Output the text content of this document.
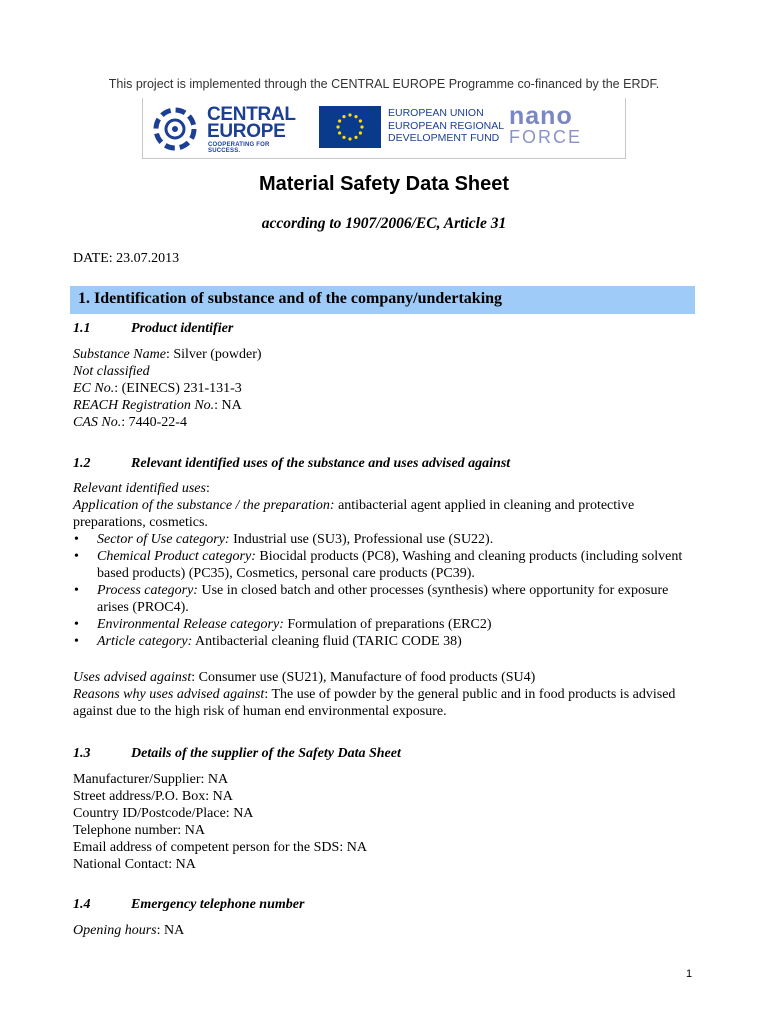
This project is implemented through the CENTRAL EUROPE Programme co-financed by the ERDF.
CENTRAL
EUROPE
COOPERATING FOR SUCCESS.
EUROPEAN UNION
EUROPEAN REGIONAL
DEVELOPMENT FUND
nano
FORCE
Material Safety Data Sheet
according to 1907/2006/EC, Article 31
DATE: 23.07.2013
1. Identification of substance and of the company/undertaking
1.1	Product identifier
Substance Name: Silver (powder)
Not classified
EC No.: (EINECS) 231-131-3
REACH Registration No.: NA
CAS No.: 7440-22-4
1.2	Relevant identified uses of the substance and uses advised against
Relevant identified uses:
Application of the substance / the preparation: antibacterial agent applied in cleaning and protective preparations, cosmetics.
• Sector of Use category: Industrial use (SU3), Professional use (SU22).
• Chemical Product category: Biocidal products (PC8), Washing and cleaning products (including solvent based products) (PC35), Cosmetics, personal care products (PC39).
• Process category: Use in closed batch and other processes (synthesis) where opportunity for exposure arises (PROC4).
• Environmental Release category: Formulation of preparations (ERC2)
• Article category: Antibacterial cleaning fluid (TARIC CODE 38)
Uses advised against: Consumer use (SU21), Manufacture of food products (SU4)
Reasons why uses advised against: The use of powder by the general public and in food products is advised against due to the high risk of human end environmental exposure.
1.3	Details of the supplier of the Safety Data Sheet
Manufacturer/Supplier: NA
Street address/P.O. Box: NA
Country ID/Postcode/Place: NA
Telephone number: NA
Email address of competent person for the SDS: NA
National Contact: NA
1.4	Emergency telephone number
Opening hours: NA
1
